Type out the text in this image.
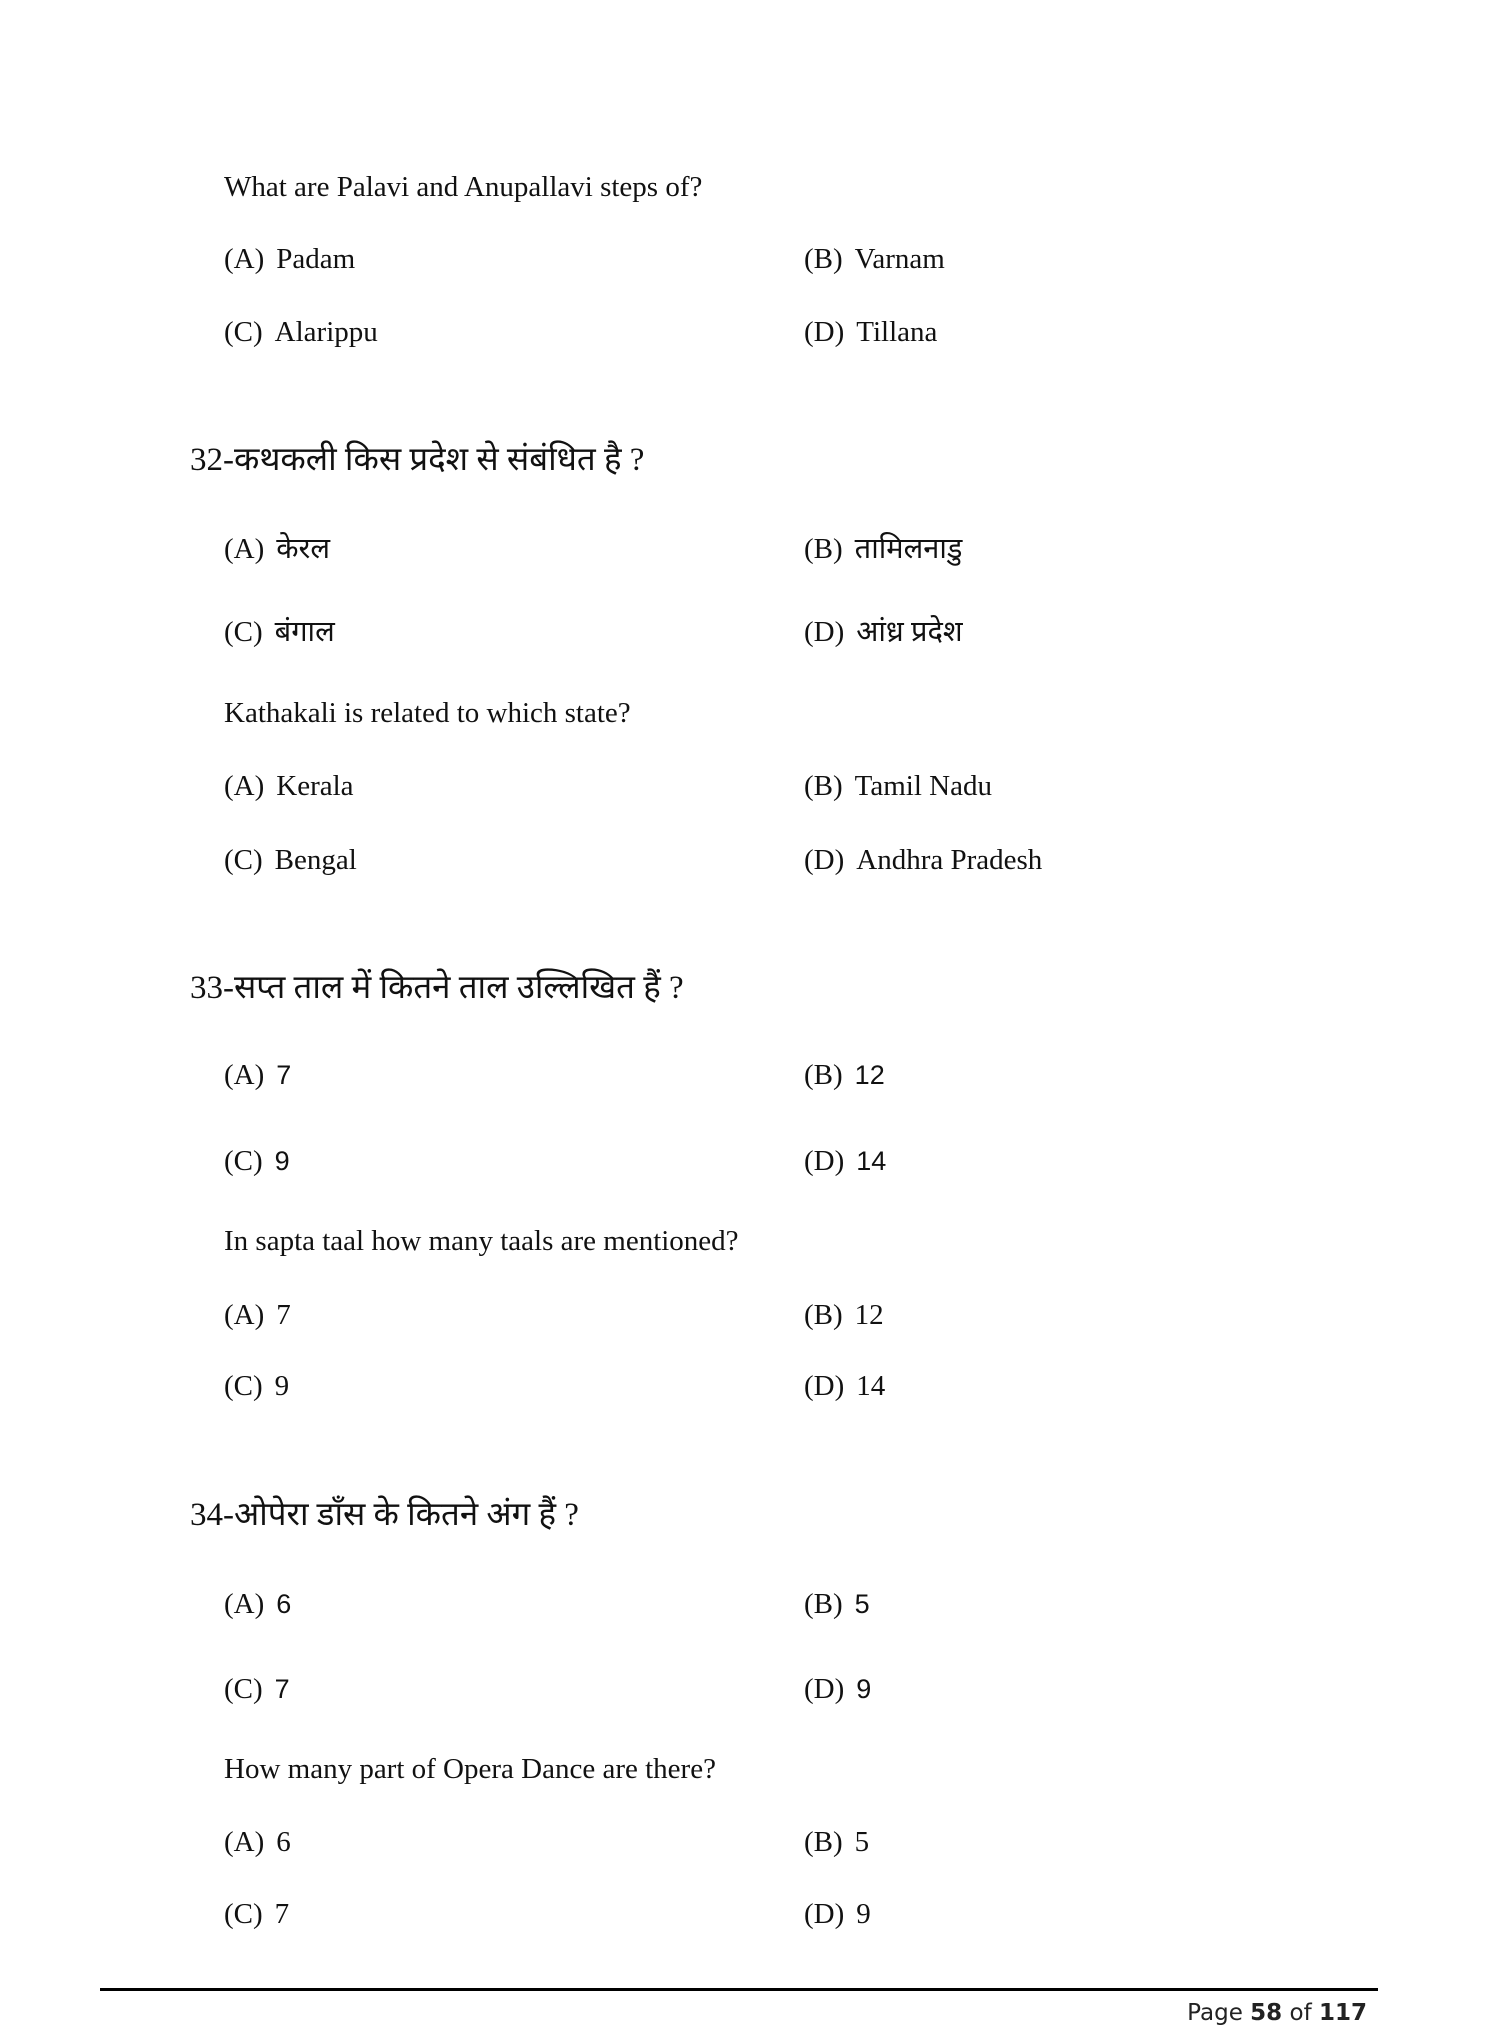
What are Palavi and Anupallavi steps of?
(A) Padam	(B) Varnam
(C) Alarippu	(D) Tillana
32-कथकली किस प्रदेश से संबंधित है ?
(A) केरल	(B) तामिलनाडु
(C) बंगाल	(D) आंध्र प्रदेश
Kathakali is related to which state?
(A) Kerala	(B) Tamil Nadu
(C) Bengal	(D) Andhra Pradesh
33-सप्त ताल में कितने ताल उल्लिखित हैं ?
(A) 7	(B) 12
(C) 9	(D) 14
In sapta taal how many taals are mentioned?
(A) 7	(B) 12
(C) 9	(D) 14
34-ओपेरा डाँस के कितने अंग हैं ?
(A) 6	(B) 5
(C) 7	(D) 9
How many part of Opera Dance are there?
(A) 6	(B) 5
(C) 7	(D) 9
Page 58 of 117
